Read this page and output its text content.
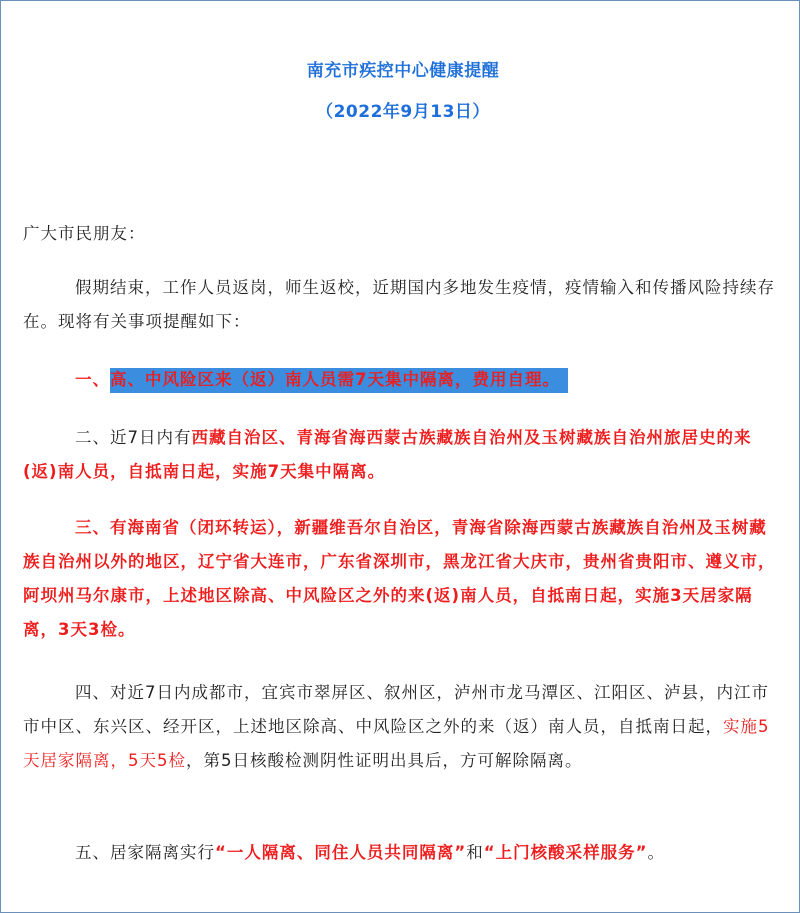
南充市疾控中心健康提醒
（2022年9月13日）

广大市民朋友：

假期结束，工作人员返岗，师生返校，近期国内多地发生疫情，疫情输入和传播风险持续存在。现将有关事项提醒如下：

一、高、中风险区来（返）南人员需7天集中隔离，费用自理。

二、近7日内有西藏自治区、青海省海西蒙古族藏族自治州及玉树藏族自治州旅居史的来(返)南人员，自抵南日起，实施7天集中隔离。

三、有海南省（闭环转运），新疆维吾尔自治区，青海省除海西蒙古族藏族自治州及玉树藏族自治州以外的地区，辽宁省大连市，广东省深圳市，黑龙江省大庆市，贵州省贵阳市、遵义市，阿坝州马尔康市，上述地区除高、中风险区之外的来(返)南人员，自抵南日起，实施3天居家隔离，3天3检。

四、对近7日内成都市，宜宾市翠屏区、叙州区，泸州市龙马潭区、江阳区、泸县，内江市市中区、东兴区、经开区，上述地区除高、中风险区之外的来（返）南人员，自抵南日起，实施5天居家隔离，5天5检，第5日核酸检测阴性证明出具后，方可解除隔离。

五、居家隔离实行“一人隔离、同住人员共同隔离”和“上门核酸采样服务”。
